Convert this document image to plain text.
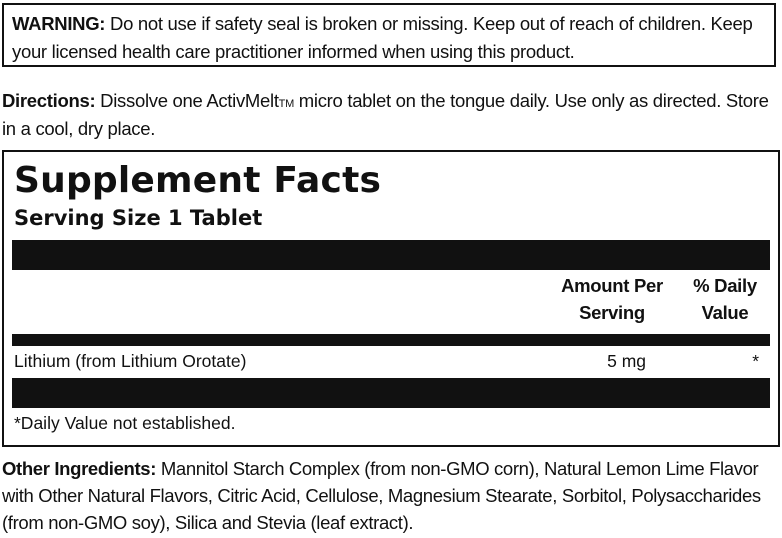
WARNING: Do not use if safety seal is broken or missing. Keep out of reach of children. Keep your licensed health care practitioner informed when using this product.
Directions: Dissolve one ActivMelt™ micro tablet on the tongue daily. Use only as directed. Store in a cool, dry place.
Supplement Facts
Serving Size 1 Tablet
Amount Per Serving
% Daily Value
Lithium (from Lithium Orotate)	5 mg	*
*Daily Value not established.
Other Ingredients: Mannitol Starch Complex (from non-GMO corn), Natural Lemon Lime Flavor with Other Natural Flavors, Citric Acid, Cellulose, Magnesium Stearate, Sorbitol, Polysaccharides (from non-GMO soy), Silica and Stevia (leaf extract).
